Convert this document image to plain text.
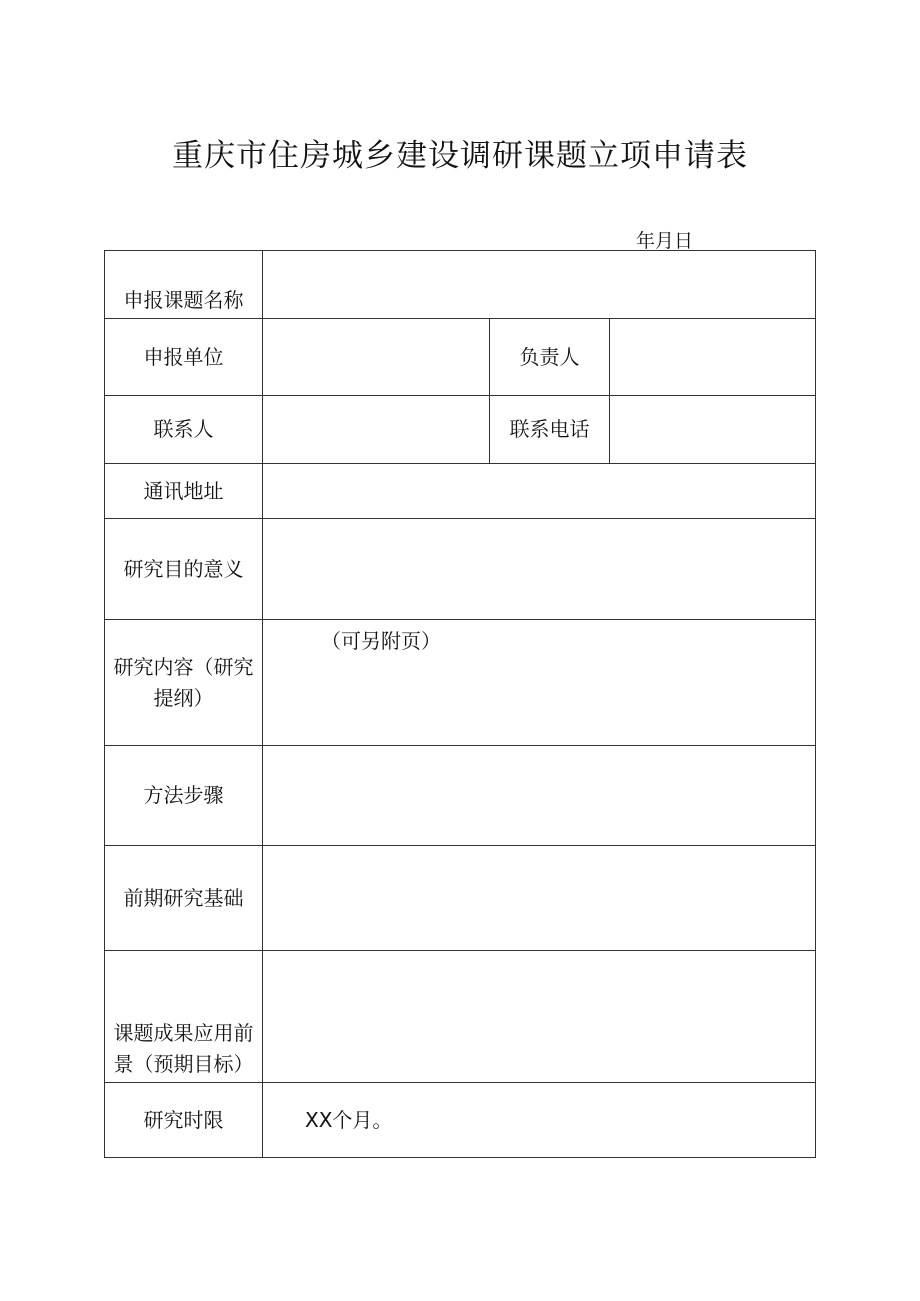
重庆市住房城乡建设调研课题立项申请表
年月日
申报课题名称			
申报单位		负责人	
联系人		联系电话	
通讯地址			
研究目的意义			
研究内容（研究提纲）	（可另附页）		
方法步骤			
前期研究基础			
课题成果应用前景（预期目标）			
研究时限	XX个月。		
